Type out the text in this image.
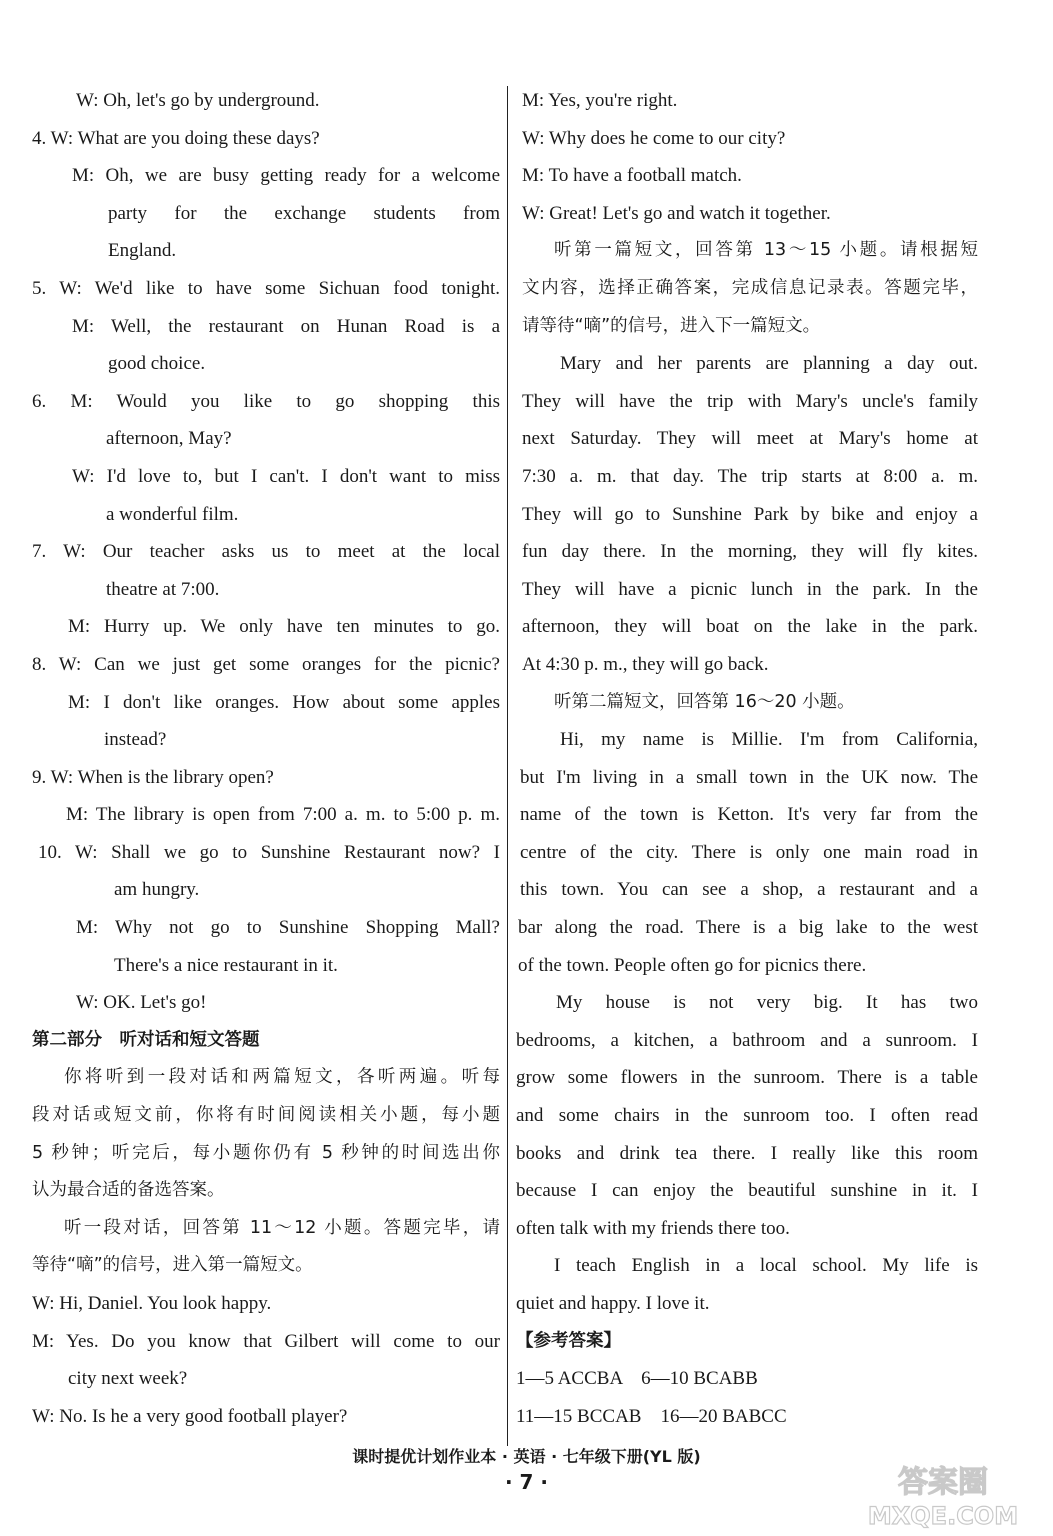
W: Oh, let's go by underground.
4. W: What are you doing these days?
M: Oh, we are busy getting ready for a welcome
party for the exchange students from
England.
5. W: We'd like to have some Sichuan food tonight.
M: Well, the restaurant on Hunan Road is a
good choice.
6. M: Would you like to go shopping this
afternoon, May?
W: I'd love to, but I can't. I don't want to miss
a wonderful film.
7. W: Our teacher asks us to meet at the local
theatre at 7:00.
M: Hurry up. We only have ten minutes to go.
8. W: Can we just get some oranges for the picnic?
M: I don't like oranges. How about some apples
instead?
9. W: When is the library open?
M: The library is open from 7:00 a. m. to 5:00 p. m.
10. W: Shall we go to Sunshine Restaurant now? I
am hungry.
M: Why not go to Sunshine Shopping Mall?
There's a nice restaurant in it.
W: OK. Let's go!
第二部分　听对话和短文答题
你将听到一段对话和两篇短文，各听两遍。听每
段对话或短文前，你将有时间阅读相关小题，每小题
5 秒钟；听完后，每小题你仍有 5 秒钟的时间选出你
认为最合适的备选答案。
听一段对话，回答第 11～12 小题。答题完毕，请
等待“嘀”的信号，进入第一篇短文。
W: Hi, Daniel. You look happy.
M: Yes. Do you know that Gilbert will come to our
city next week?
W: No. Is he a very good football player?
M: Yes, you're right.
W: Why does he come to our city?
M: To have a football match.
W: Great! Let's go and watch it together.
听第一篇短文，回答第 13～15 小题。请根据短
文内容，选择正确答案，完成信息记录表。答题完毕，
请等待“嘀”的信号，进入下一篇短文。
Mary and her parents are planning a day out.
They will have the trip with Mary's uncle's family
next Saturday. They will meet at Mary's home at
7:30 a. m. that day. The trip starts at 8:00 a. m.
They will go to Sunshine Park by bike and enjoy a
fun day there. In the morning, they will fly kites.
They will have a picnic lunch in the park. In the
afternoon, they will boat on the lake in the park.
At 4:30 p. m., they will go back.
听第二篇短文，回答第 16～20 小题。
Hi, my name is Millie. I'm from California,
but I'm living in a small town in the UK now. The
name of the town is Ketton. It's very far from the
centre of the city. There is only one main road in
this town. You can see a shop, a restaurant and a
bar along the road. There is a big lake to the west
of the town. People often go for picnics there.
My house is not very big. It has two
bedrooms, a kitchen, a bathroom and a sunroom. I
grow some flowers in the sunroom. There is a table
and some chairs in the sunroom too. I often read
books and drink tea there. I really like this room
because I can enjoy the beautiful sunshine in it. I
often talk with my friends there too.
I teach English in a local school. My life is
quiet and happy. I love it.
【参考答案】
1—5 ACCBA　6—10 BCABB
11—15 BCCAB　16—20 BABCC
课时提优计划作业本 · 英语 · 七年级下册(YL 版)
· 7 ·	答案圈
MXQE.COM
